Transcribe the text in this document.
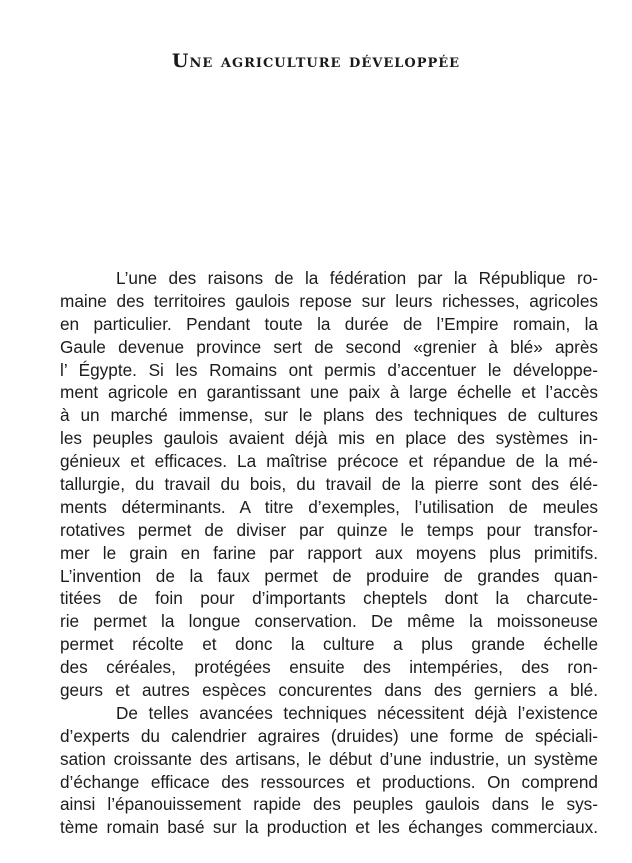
Une agriculture développée
L’une des raisons de la fédération par la République ro-
maine des territoires gaulois repose sur leurs richesses, agricoles
en particulier. Pendant toute la durée de l’Empire romain, la
Gaule devenue province sert de second «grenier à blé» après
l’ Égypte. Si les Romains ont permis d’accentuer le développe-
ment agricole en garantissant une paix à large échelle et l’accès
à un marché immense, sur le plans des techniques de cultures
les peuples gaulois avaient déjà mis en place des systèmes in-
génieux et efficaces. La maîtrise précoce et répandue de la mé-
tallurgie, du travail du bois, du travail de la pierre sont des élé-
ments déterminants. A titre d’exemples, l’utilisation de meules
rotatives permet de diviser par quinze le temps pour transfor-
mer le grain en farine par rapport aux moyens plus primitifs.
L’invention de la faux permet de produire de grandes quan-
titées de foin pour d’importants cheptels dont la charcute-
rie permet la longue conservation. De même la moissoneuse
permet récolte et donc la culture a plus grande échelle
des céréales, protégées ensuite des intempéries, des ron-
geurs et autres espèces concurentes dans des gerniers a blé.
De telles avancées techniques nécessitent déjà l’existence
d’experts du calendrier agraires (druides) une forme de spéciali-
sation croissante des artisans, le début d’une industrie, un système
d’échange efficace des ressources et productions. On comprend
ainsi l’épanouissement rapide des peuples gaulois dans le sys-
tème romain basé sur la production et les échanges commerciaux.
